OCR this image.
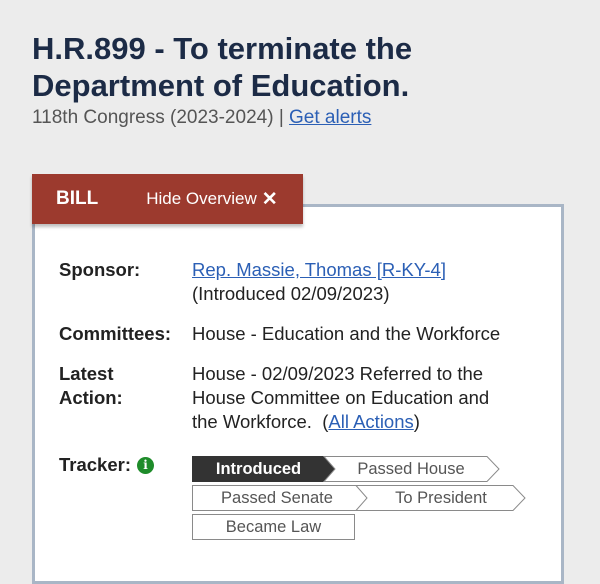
H.R.899 - To terminate the Department of Education.
118th Congress (2023-2024) | Get alerts
BILL	Hide Overview ✕
Sponsor:	Rep. Massie, Thomas [R-KY-4]
(Introduced 02/09/2023)
Committees: House - Education and the Workforce
Latest
Action:
House - 02/09/2023 Referred to the
House Committee on Education and
the Workforce. (All Actions)
Tracker: i	Introduced	Passed House
Passed Senate	To President
Became Law
